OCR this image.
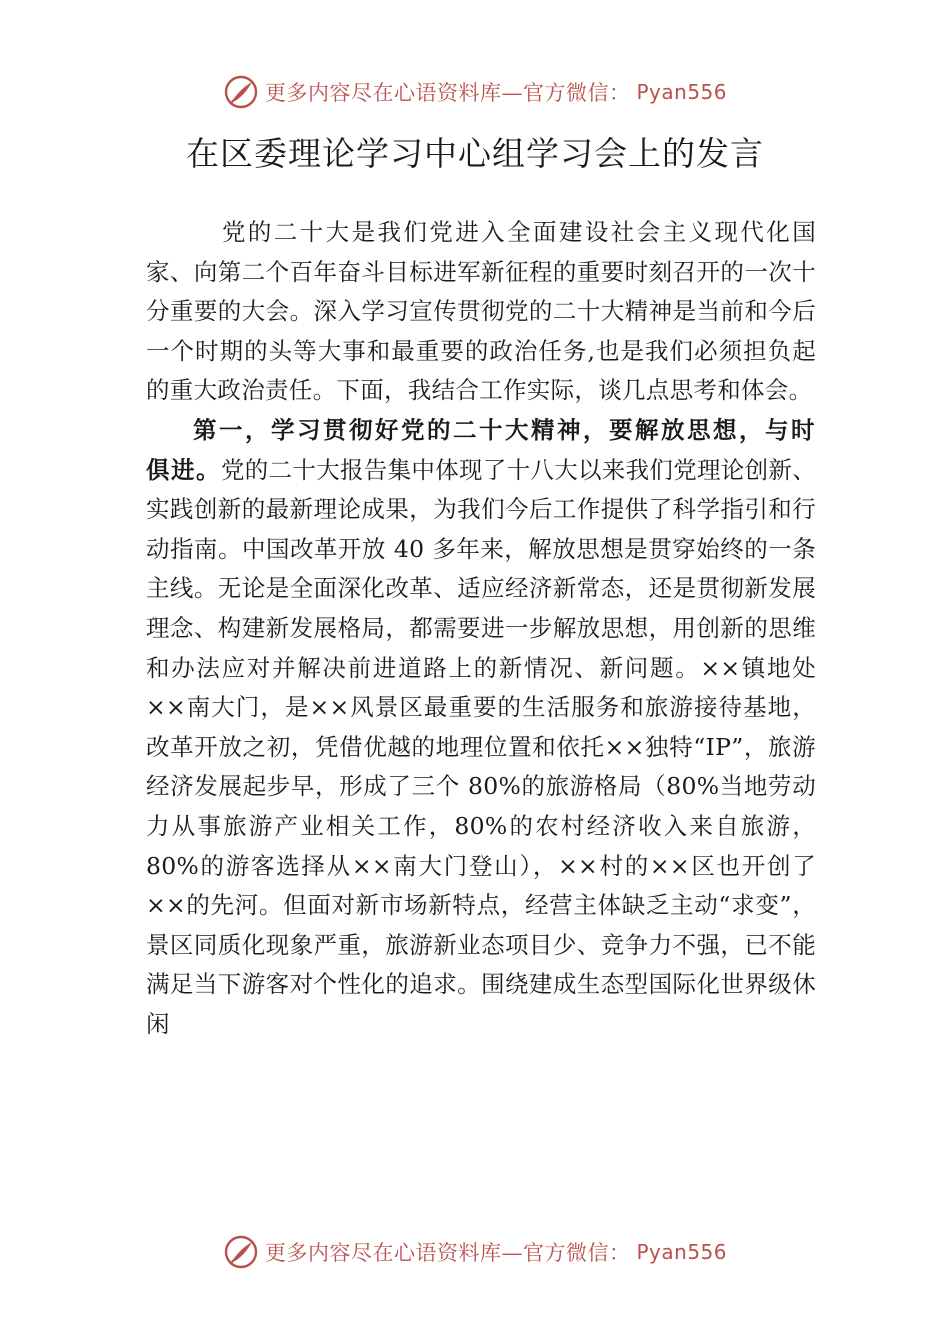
更多内容尽在心语资料库—官方微信： Pyan556
在区委理论学习中心组学习会上的发言

党的二十大是我们党进入全面建设社会主义现代化国家、向第二个百年奋斗目标进军新征程的重要时刻召开的一次十分重要的大会。深入学习宣传贯彻党的二十大精神是当前和今后一个时期的头等大事和最重要的政治任务,也是我们必须担负起的重大政治责任。下面，我结合工作实际，谈几点思考和体会。

第一，学习贯彻好党的二十大精神，要解放思想，与时俱进。党的二十大报告集中体现了十八大以来我们党理论创新、实践创新的最新理论成果，为我们今后工作提供了科学指引和行动指南。中国改革开放 40 多年来，解放思想是贯穿始终的一条主线。无论是全面深化改革、适应经济新常态，还是贯彻新发展理念、构建新发展格局，都需要进一步解放思想，用创新的思维和办法应对并解决前进道路上的新情况、新问题。××镇地处××南大门，是××风景区最重要的生活服务和旅游接待基地，改革开放之初，凭借优越的地理位置和依托××独特“IP”，旅游经济发展起步早，形成了三个 80%的旅游格局（80%当地劳动力从事旅游产业相关工作，80%的农村经济收入来自旅游，80%的游客选择从××南大门登山），××村的××区也开创了××的先河。但面对新市场新特点，经营主体缺乏主动“求变”，景区同质化现象严重，旅游新业态项目少、竞争力不强，已不能满足当下游客对个性化的追求。围绕建成生态型国际化世界级休闲

更多内容尽在心语资料库—官方微信： Pyan556
